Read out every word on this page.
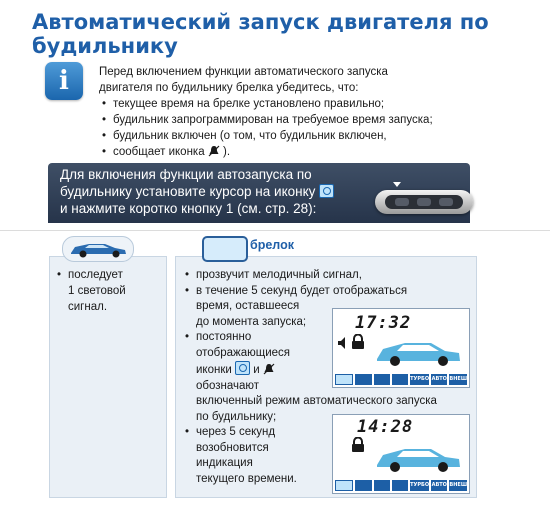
Автоматический запуск двигателя по
будильнику
i	Перед включением функции автоматического запуска
двигателя по будильнику брелка убедитесь, что:
• текущее время на брелке установлено правильно;
• будильник запрограммирован на требуемое время запуска;
• будильник включен (о том, что будильник включен,
• сообщает иконка ).
Для включения функции автозапуска по
будильнику установите курсор на иконку
и нажмите коротко кнопку 1 (см. стр. 28):
брелок
• последует
1 световой
сигнал.
• прозвучит мелодичный сигнал,
• в течение 5 секунд будет отображаться
время, оставшееся
до момента запуска;
• постоянно
отображающиеся
иконки и
обозначают
включенный режим автоматического запуска
по будильнику;
• через 5 секунд
возобновится
индикация
текущего времени.
17:32
ТУРБО АВТО ВНЕШ
14:28
ТУРБО АВТО ВНЕШ
